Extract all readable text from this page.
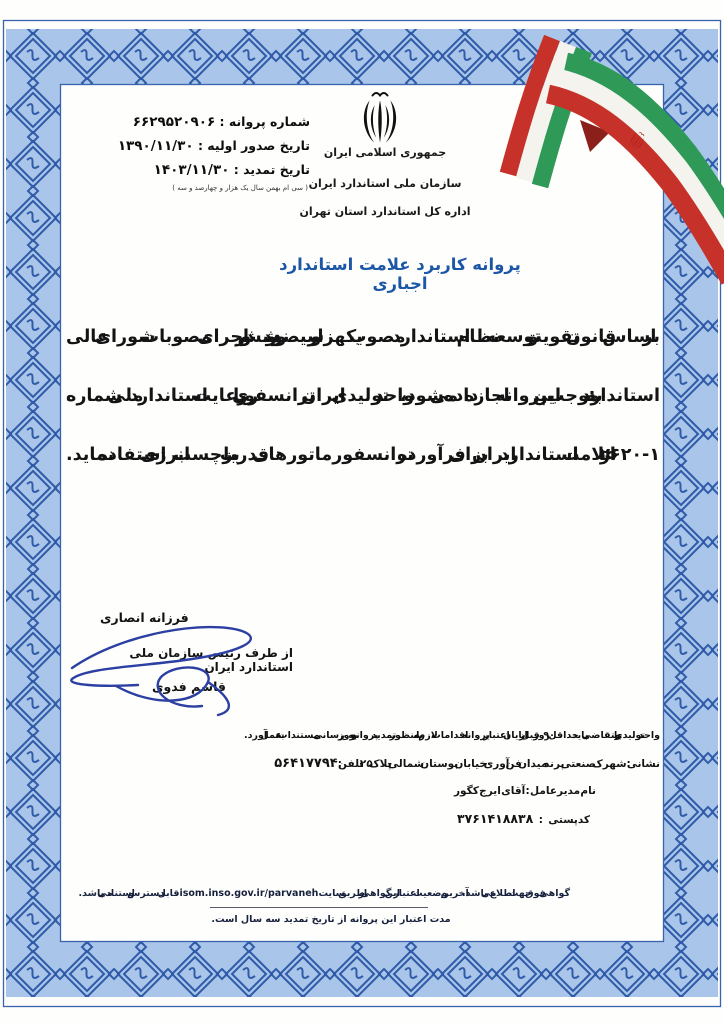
شماره پروانه : ۶۶۲۹۵۲۰۹۰۶
تاریخ صدور اولیه : ۱۳۹۰/۱۱/۳۰
تاریخ تمدید : ۱۴۰۳/۱۱/۳۰
( سی ام بهمن سال یک هزار و چهارصد و سه )
جمهوری اسلامی ایران
سازمان ملی استاندارد ایران
اداره کل استاندارد استان تهران
پروانه کاربرد علامت استاندارد اجباری
بر اساس قانون تقویت و توسعه نظام استاندارد مصوب یکهزار و سیصد و نود و شش و در اجرای مصوبات شورای عالی
استاندارد : به موجب این پروانه اجازه داده می شود، واحد تولیدی ایران ترانسفو ری با رعایت استاندارد ملی شماره
۲۶۲۰-۱ از علامت استاندارد ایران برای فرآورده ترانسفورماتورهای قدرت با برچسب انرژی - استفاده نماید.
فرزانه انصاری
از طرف رئیس سازمان ملی استاندارد ایران
قاسم فدوی
واحد تولیدی و یا متقاضی باید حداقل ۹۰ روز قبل از پایان اعتبار پروانه اقدامات لازم را به منظور تمدید پروانه و به روز رسانی مستندات به عمل آورد.
نشانی : شهرک صنعتی پرند - میدان فن آوری - خیابان بوستان شمالی - پلاک ۲۵ - تلفن : ۵۶۴۱۷۷۹۴
نام مدیرعامل : آقای ایرج کگور
کدپستی : ۳۷۶۱۴۱۸۸۳۸
گواهی فوق جهت اطلاع می باشد. آخرین وضعیت اعتبار این گواهی از طریق سایت isom.inso.gov.ir/parvaneh قابل دسترس و استناد می باشد.
مدت اعتبار این پروانه از تاریخ تمدید سه سال است.
